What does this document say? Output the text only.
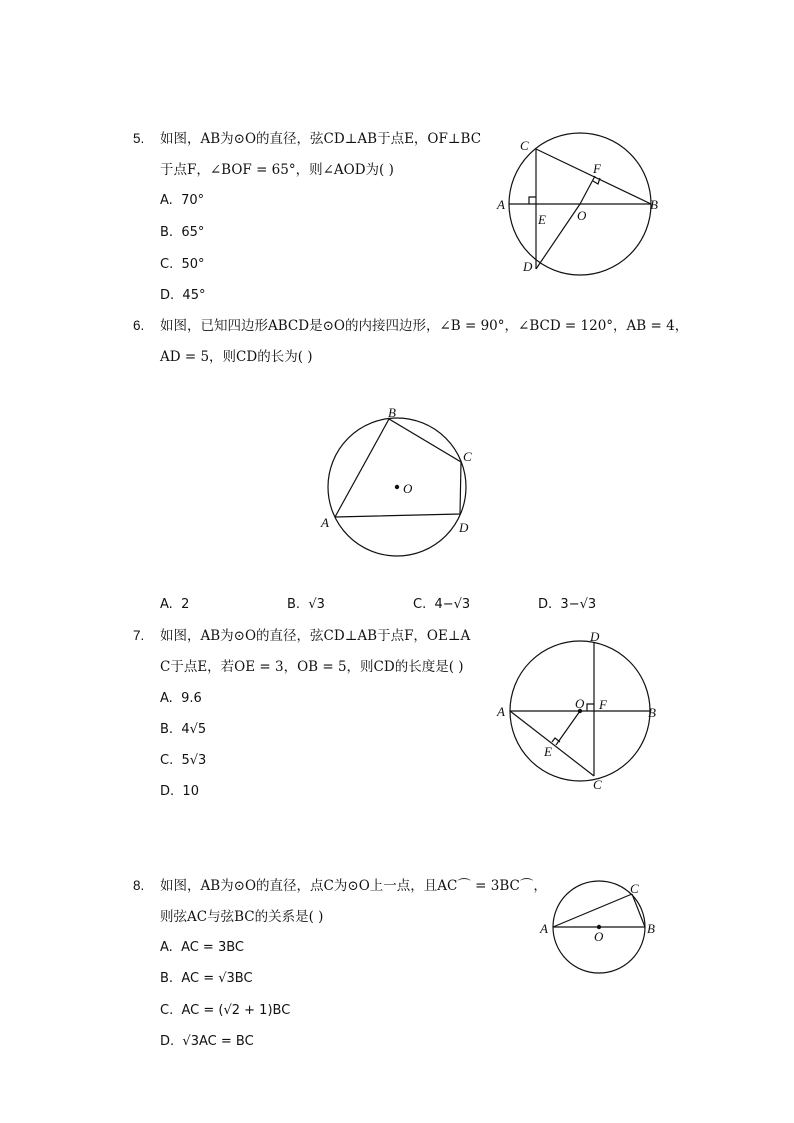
5. 如图，AB为⊙O的直径，弦CD⊥AB于点E，OF⊥BC
于点F，∠BOF = 65°，则∠AOD为( )
A. 70°
B. 65°
C. 50°
D. 45°
C
F
A
E O
B
D
6. 如图，已知四边形ABCD是⊙O的内接四边形，∠B = 90°，∠BCD = 120°，AB = 4，
AD = 5，则CD的长为( )
B
C
O
A	D
A. 2	B. √3	C. 4−√3	D. 3−√3
7. 如图，AB为⊙O的直径，弦CD⊥AB于点F，OE⊥A
C于点E，若OE = 3，OB = 5，则CD的长度是( )
A. 9.6
B. 4√5
C. 5√3
D. 10
D
A
O F
B
E
C
8. 如图，AB为⊙O的直径，点C为⊙O上一点，且AC⌒ = 3BC⌒，
则弦AC与弦BC的关系是( )
A. AC = 3BC
B. AC = √3BC
C. AC = (√2 + 1)BC
D. √3AC = BC
C
A
O
B
